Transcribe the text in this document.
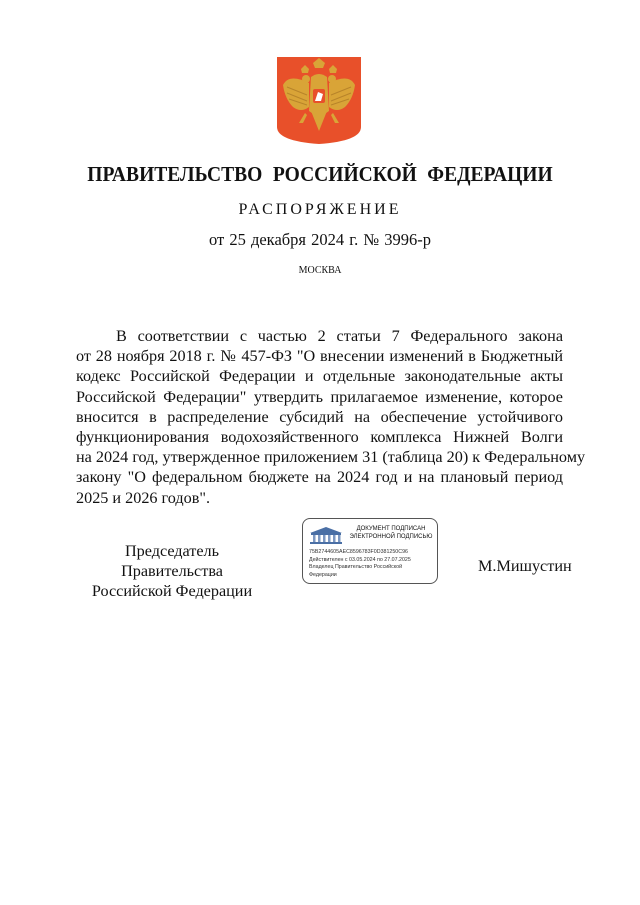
ПРАВИТЕЛЬСТВО РОССИЙСКОЙ ФЕДЕРАЦИИ
РАСПОРЯЖЕНИЕ
от 25 декабря 2024 г. № 3996-р
МОСКВА
В соответствии с частью 2 статьи 7 Федерального закона
от 28 ноября 2018 г. № 457-ФЗ "О внесении изменений в Бюджетный
кодекс Российской Федерации и отдельные законодательные акты
Российской Федерации" утвердить прилагаемое изменение, которое
вносится в распределение субсидий на обеспечение устойчивого
функционирования водохозяйственного комплекса Нижней Волги
на 2024 год, утвержденное приложением 31 (таблица 20) к Федеральному
закону "О федеральном бюджете на 2024 год и на плановый период
2025 и 2026 годов".
Председатель Правительства
Российской Федерации
ДОКУМЕНТ ПОДПИСАН
ЭЛЕКТРОННОЙ ПОДПИСЬЮ
75B2744605AEC8596783F0D381250C96
Действителен с 03.05.2024 по 27.07.2025
Владелец Правительство Российской
Федерации	М.Мишустин
